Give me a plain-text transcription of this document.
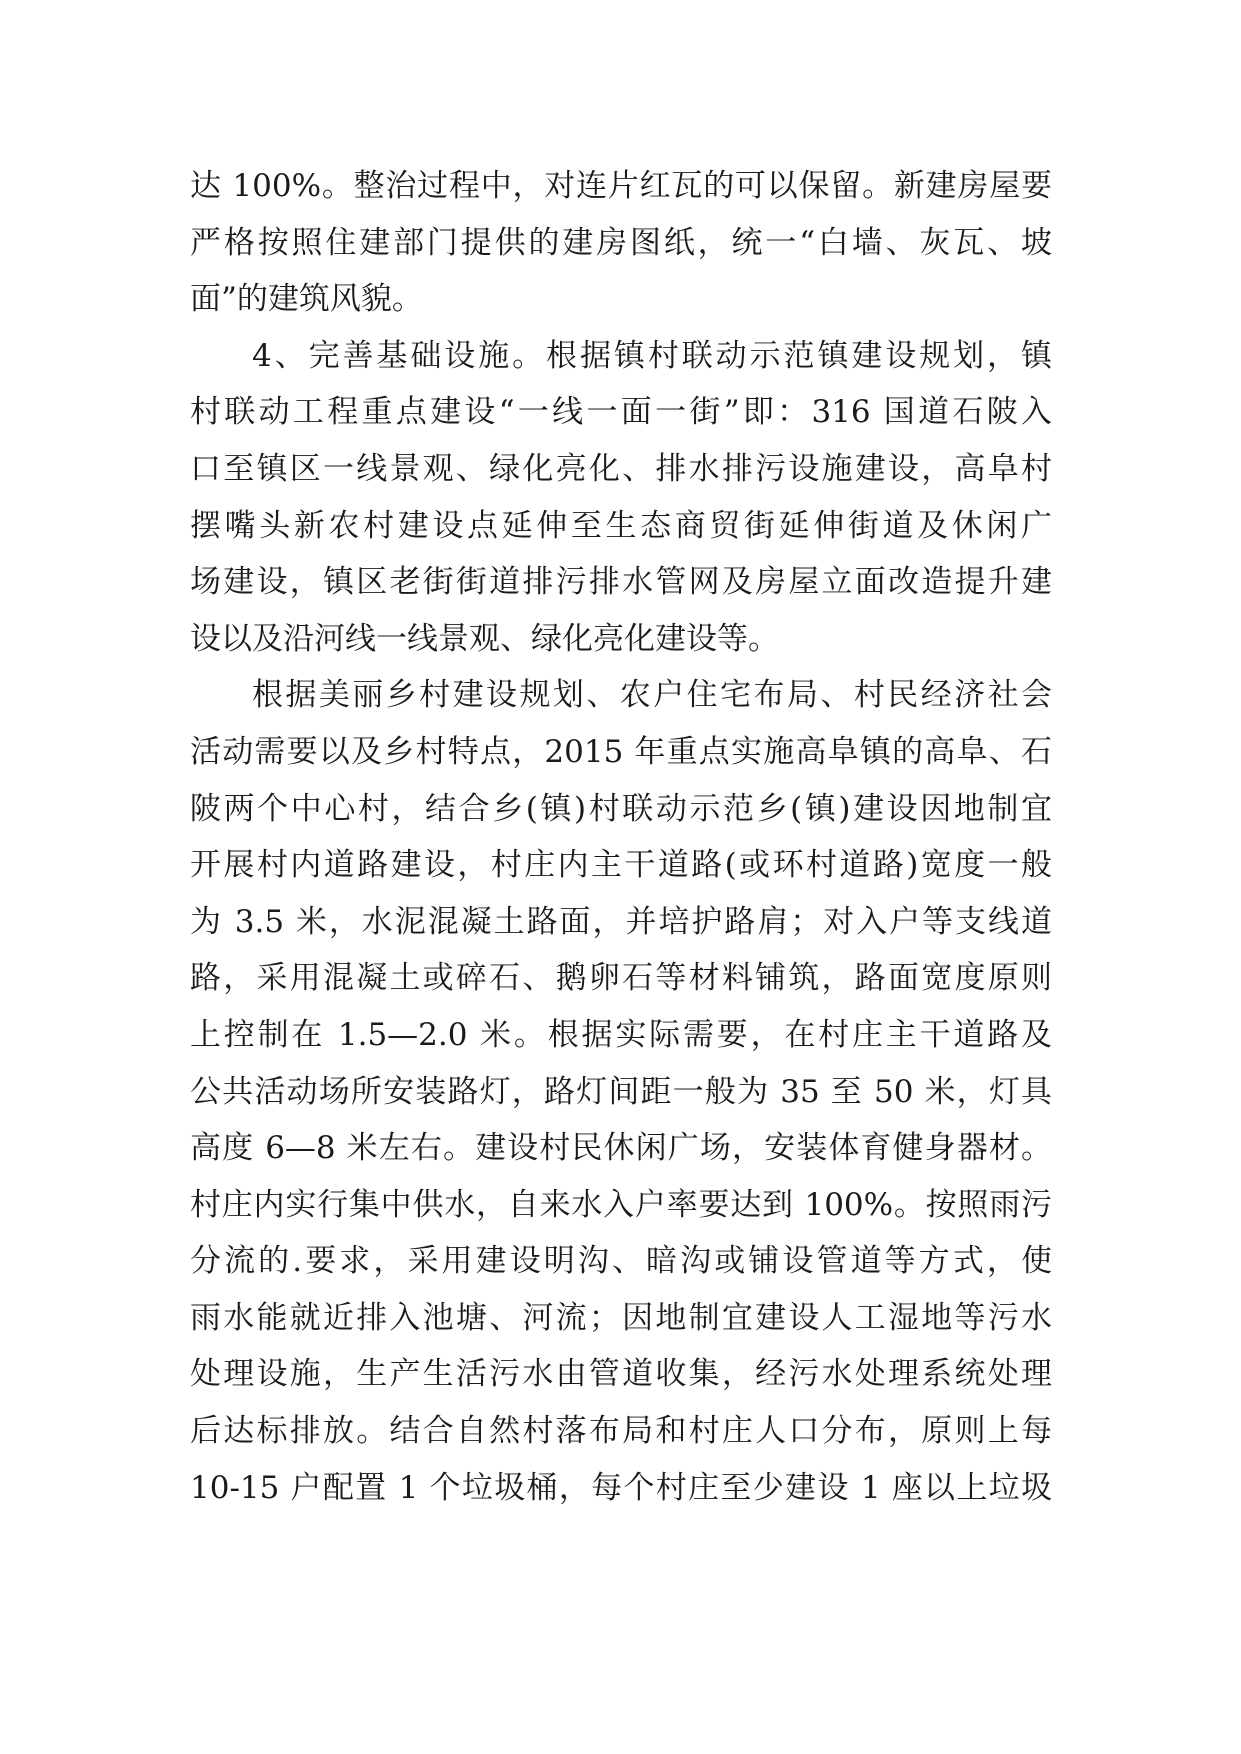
达 100%。整治过程中，对连片红瓦的可以保留。新建房屋要
严格按照住建部门提供的建房图纸，统一“白墙、灰瓦、坡
面”的建筑风貌。
4、完善基础设施。根据镇村联动示范镇建设规划，镇
村联动工程重点建设“一线一面一街”即：316 国道石陂入
口至镇区一线景观、绿化亮化、排水排污设施建设，高阜村
摆嘴头新农村建设点延伸至生态商贸街延伸街道及休闲广
场建设，镇区老街街道排污排水管网及房屋立面改造提升建
设以及沿河线一线景观、绿化亮化建设等。
根据美丽乡村建设规划、农户住宅布局、村民经济社会
活动需要以及乡村特点，2015 年重点实施高阜镇的高阜、石
陂两个中心村，结合乡(镇)村联动示范乡(镇)建设因地制宜
开展村内道路建设，村庄内主干道路(或环村道路)宽度一般
为 3.5 米，水泥混凝土路面，并培护路肩；对入户等支线道
路，采用混凝土或碎石、鹅卵石等材料铺筑，路面宽度原则
上控制在 1.5—2.0 米。根据实际需要，在村庄主干道路及
公共活动场所安装路灯，路灯间距一般为 35 至 50 米，灯具
高度 6—8 米左右。建设村民休闲广场，安装体育健身器材。
村庄内实行集中供水，自来水入户率要达到 100%。按照雨污
分流的.要求，采用建设明沟、暗沟或铺设管道等方式，使
雨水能就近排入池塘、河流；因地制宜建设人工湿地等污水
处理设施，生产生活污水由管道收集，经污水处理系统处理
后达标排放。结合自然村落布局和村庄人口分布，原则上每
10-15 户配置 1 个垃圾桶，每个村庄至少建设 1 座以上垃圾
